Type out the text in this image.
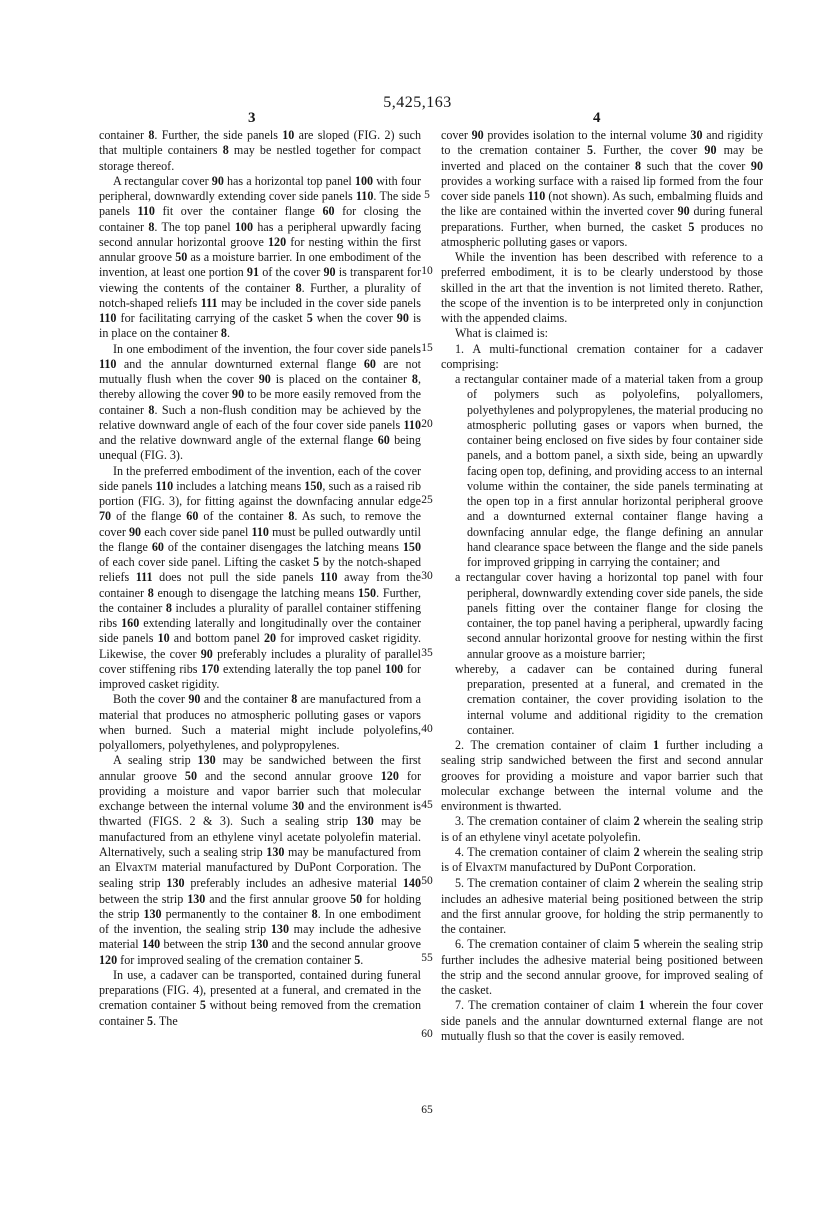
5,425,163
3	4

container 8. Further, the side panels 10 are sloped (FIG. 2) such that multiple containers 8 may be nestled together for compact storage thereof.

A rectangular cover 90 has a horizontal top panel 100 with four peripheral, downwardly extending cover side panels 110. The side panels 110 fit over the container flange 60 for closing the container 8. The top panel 100 has a peripheral upwardly facing second annular horizontal groove 120 for nesting within the first annular groove 50 as a moisture barrier. In one embodiment of the invention, at least one portion 91 of the cover 90 is transparent for viewing the contents of the container 8. Further, a plurality of notch-shaped reliefs 111 may be included in the cover side panels 110 for facilitating carrying of the casket 5 when the cover 90 is in place on the container 8.

In one embodiment of the invention, the four cover side panels 110 and the annular downturned external flange 60 are not mutually flush when the cover 90 is placed on the container 8, thereby allowing the cover 90 to be more easily removed from the container 8. Such a non-flush condition may be achieved by the relative downward angle of each of the four cover side panels 110 and the relative downward angle of the external flange 60 being unequal (FIG. 3).

In the preferred embodiment of the invention, each of the cover side panels 110 includes a latching means 150, such as a raised rib portion (FIG. 3), for fitting against the downfacing annular edge 70 of the flange 60 of the container 8. As such, to remove the cover 90 each cover side panel 110 must be pulled outwardly until the flange 60 of the container disengages the latching means 150 of each cover side panel. Lifting the casket 5 by the notch-shaped reliefs 111 does not pull the side panels 110 away from the container 8 enough to disengage the latching means 150. Further, the container 8 includes a plurality of parallel container stiffening ribs 160 extending laterally and longitudinally over the container side panels 10 and bottom panel 20 for improved casket rigidity. Likewise, the cover 90 preferably includes a plurality of parallel cover stiffening ribs 170 extending laterally the top panel 100 for improved casket rigidity.

Both the cover 90 and the container 8 are manufactured from a material that produces no atmospheric polluting gases or vapors when burned. Such a material might include polyolefins, polyallomers, polyethylenes, and polypropylenes.

A sealing strip 130 may be sandwiched between the first annular groove 50 and the second annular groove 120 for providing a moisture and vapor barrier such that molecular exchange between the internal volume 30 and the environment is thwarted (FIGS. 2 & 3). Such a sealing strip 130 may be manufactured from an ethylene vinyl acetate polyolefin material. Alternatively, such a sealing strip 130 may be manufactured from an ElvaxTM material manufactured by DuPont Corporation. The sealing strip 130 preferably includes an adhesive material 140 between the strip 130 and the first annular groove 50 for holding the strip 130 permanently to the container 8. In one embodiment of the invention, the sealing strip 130 may include the adhesive material 140 between the strip 130 and the second annular groove 120 for improved sealing of the cremation container 5.

In use, a cadaver can be transported, contained during funeral preparations (FIG. 4), presented at a funeral, and cremated in the cremation container 5 without being removed from the cremation container 5. The

cover 90 provides isolation to the internal volume 30 and rigidity to the cremation container 5. Further, the cover 90 may be inverted and placed on the container 8 such that the cover 90 provides a working surface with a raised lip formed from the four cover side panels 110 (not shown). As such, embalming fluids and the like are contained within the inverted cover 90 during funeral preparations. Further, when burned, the casket 5 produces no atmospheric polluting gases or vapors.

While the invention has been described with reference to a preferred embodiment, it is to be clearly understood by those skilled in the art that the invention is not limited thereto. Rather, the scope of the invention is to be interpreted only in conjunction with the appended claims.

What is claimed is:

1. A multi-functional cremation container for a cadaver comprising:

a rectangular container made of a material taken from a group of polymers such as polyolefins, polyallomers, polyethylenes and polypropylenes, the material producing no atmospheric polluting gases or vapors when burned, the container being enclosed on five sides by four container side panels, and a bottom panel, a sixth side, being an upwardly facing open top, defining, and providing access to an internal volume within the container, the side panels terminating at the open top in a first annular horizontal peripheral groove and a downturned external container flange having a downfacing annular edge, the flange defining an annular hand clearance space between the flange and the side panels for improved gripping in carrying the container; and

a rectangular cover having a horizontal top panel with four peripheral, downwardly extending cover side panels, the side panels fitting over the container flange for closing the container, the top panel having a peripheral, upwardly facing second annular horizontal groove for nesting within the first annular groove as a moisture barrier;

whereby, a cadaver can be contained during funeral preparation, presented at a funeral, and cremated in the cremation container, the cover providing isolation to the internal volume and additional rigidity to the cremation container.

2. The cremation container of claim 1 further including a sealing strip sandwiched between the first and second annular grooves for providing a moisture and vapor barrier such that molecular exchange between the internal volume and the environment is thwarted.

3. The cremation container of claim 2 wherein the sealing strip is of an ethylene vinyl acetate polyolefin.

4. The cremation container of claim 2 wherein the sealing strip is of ElvaxTM manufactured by DuPont Corporation.

5. The cremation container of claim 2 wherein the sealing strip includes an adhesive material being positioned between the strip and the first annular groove, for holding the strip permanently to the container.

6. The cremation container of claim 5 wherein the sealing strip further includes the adhesive material being positioned between the strip and the second annular groove, for improved sealing of the casket.

7. The cremation container of claim 1 wherein the four cover side panels and the annular downturned external flange are not mutually flush so that the cover is easily removed.

5
10
15
20
25
30
35
40
45
50
55
60
65
